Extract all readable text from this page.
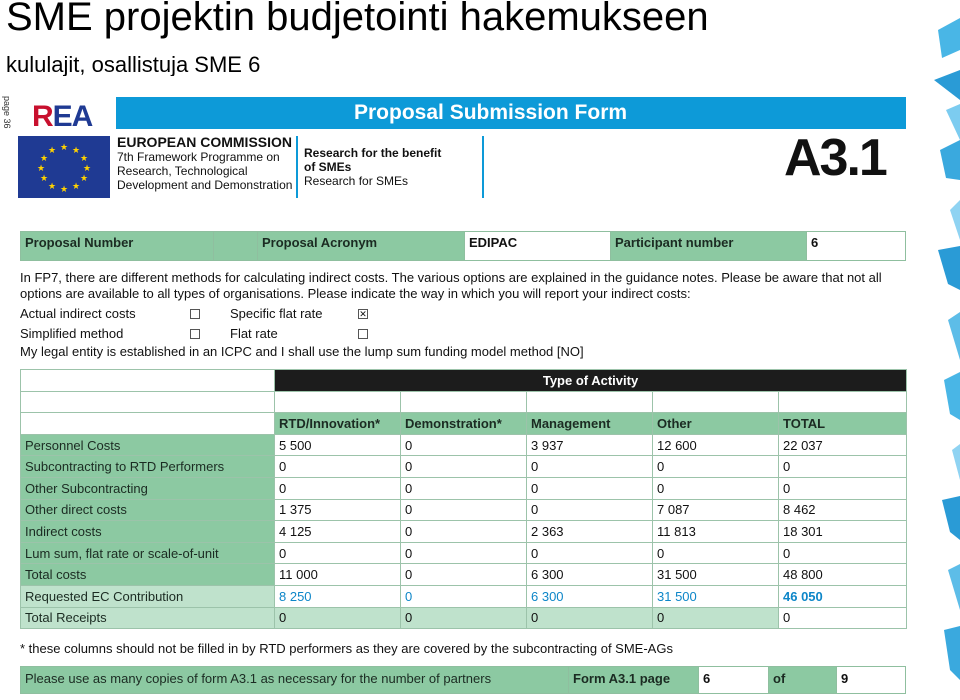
SME projektin budjetointi hakemukseen
kululajit, osallistuja SME 6
page 36 REA	Proposal Submission Form
★ ★
★
★
★
★
★
★
★
★
★
★
EUROPEAN COMMISSION
7th Framework Programme on
Research, Technological
Development and Demonstration
Research for the benefit
of SMEs
Research for SMEs	A3.1
Proposal Number	Proposal Acronym	EDIPAC	Participant number	6
In FP7, there are different methods for calculating indirect costs. The various options are explained in the guidance notes. Please be aware that not all options are available to all types of organisations. Please indicate the way in which you will report your indirect costs:
Actual indirect costs	Specific flat rate	✕
Simplified method	Flat rate
My legal entity is established in an ICPC and I shall use the lump sum funding model method [NO]
	Type of Activity				

	RTD/Innovation*	Demonstration*	Management	Other	TOTAL
Personnel Costs	5 500	0	3 937	12 600	22 037
Subcontracting to RTD Performers	0	0	0	0	0
Other Subcontracting	0	0	0	0	0
Other direct costs	1 375	0	0	7 087	8 462
Indirect costs	4 125	0	2 363	11 813	18 301
Lum sum, flat rate or scale-of-unit	0	0	0	0	0
Total costs	11 000	0	6 300	31 500	48 800
Requested EC Contribution	8 250	0	6 300	31 500	46 050
Total Receipts	0	0	0	0	0
* these columns should not be filled in by RTD performers as they are covered by the subcontracting of SME-AGs
Please use as many copies of form A3.1 as necessary for the number of partners	Form A3.1 page	6	of	9
